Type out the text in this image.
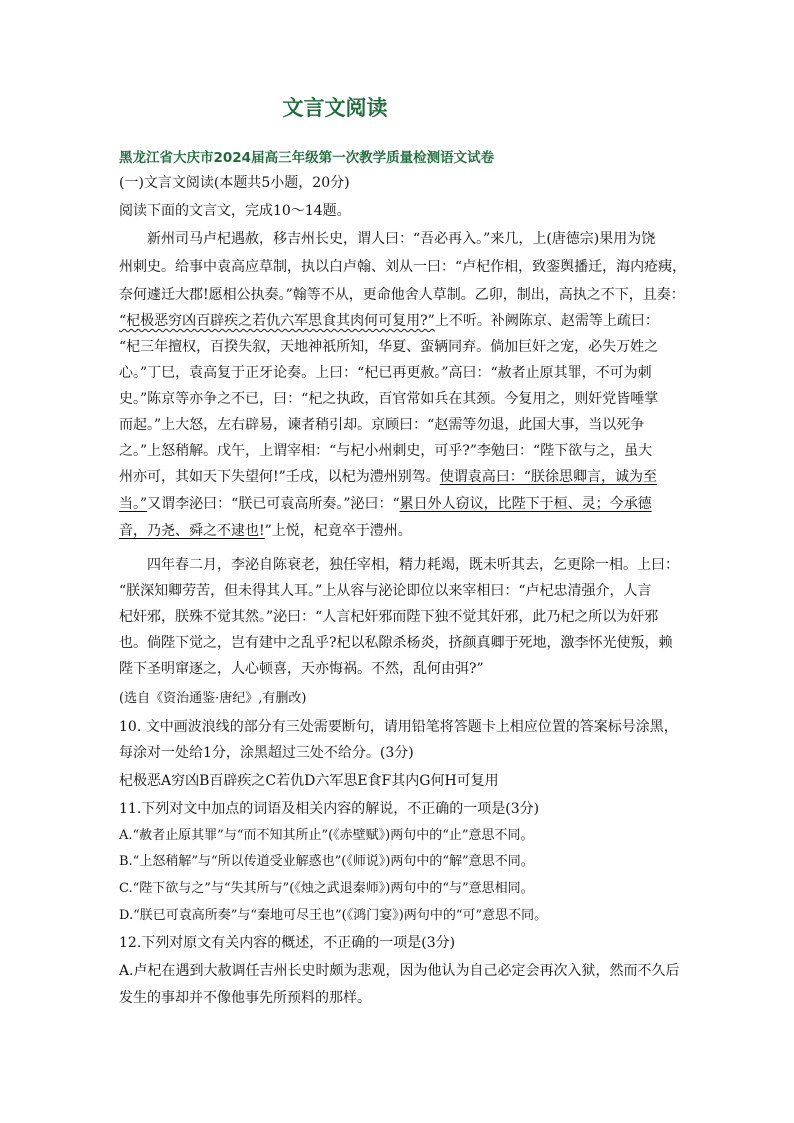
文言文阅读
黑龙江省大庆市2024届高三年级第一次教学质量检测语文试卷
(一)文言文阅读(本题共5小题，20分)
阅读下面的文言文，完成10～14题。
新州司马卢杞遇赦，移吉州长史，谓人曰：“吾必再入。”来几，上(唐德宗)果用为饶
州刺史。给事中袁高应草制，执以白卢翰、刘从一曰：“卢杞作相，致銮舆播迁，海内疮痍，
奈何遽迁大郡!愿相公执奏。”翰等不从，更命他舍人草制。乙卯，制出，高执之不下，且奏：
“杞极恶穷凶百辟疾之若仇六军思食其肉何可复用?”上不听。补阙陈京、赵需等上疏曰：
“杞三年擅权，百揆失叙，天地神祇所知，华夏、蛮辆同弃。倘加巨奸之宠，必失万姓之
心。”丁巳，袁高复于正牙论奏。上曰：“杞已再更赦。”高曰：“赦者止原其罪，不可为刺
史。”陈京等亦争之不已，曰：“杞之执政，百官常如兵在其颈。今复用之，则奸党皆唾掌
而起。”上大怒，左右辟易，谏者稍引却。京顾曰：“赵需等勿退，此国大事，当以死争
之。”上怒稍解。戊午，上谓宰相：“与杞小州刺史，可乎?”李勉曰：“陛下欲与之，虽大
州亦可，其如天下失望何!”壬戌，以杞为澧州别驾。使谓袁高曰：“朕徐思卿言，诚为至
当。”又谓李泌曰：“朕已可袁高所奏。”泌曰：“累日外人窃议，比陛下于桓、灵；今承德
音，乃尧、舜之不逮也!”上悦，杞竟卒于澧州。
四年春二月，李泌自陈衰老，独任宰相，精力耗竭，既未听其去，乞更除一相。上曰：
“朕深知卿劳苦，但未得其人耳。”上从容与泌论即位以来宰相曰：“卢杞忠清强介，人言
杞奸邪，朕殊不觉其然。”泌曰：“人言杞奸邪而陛下独不觉其奸邪，此乃杞之所以为奸邪
也。倘陛下觉之，岂有建中之乱乎?杞以私隙杀杨炎，挤颜真卿于死地，激李怀光使叛，赖
陛下圣明窜逐之，人心顿喜，天亦悔祸。不然，乱何由弭?”
(选自《资治通鉴·唐纪》,有删改)
10. 文中画波浪线的部分有三处需要断句，请用铅笔将答题卡上相应位置的答案标号涂黑，
每涂对一处给1分，涂黑超过三处不给分。(3分)
杞极恶A穷凶B百辟疾之C若仇D六军思E食F其内G何H可复用
11.下列对文中加点的词语及相关内容的解说，不正确的一项是(3分)
A.“赦者止原其罪”与“而不知其所止”(《赤壁赋》)两句中的“止”意思不同。
B.“上怒稍解”与“所以传道受业解惑也”(《师说》)两句中的“解”意思不同。
C.“陛下欲与之”与“失其所与”(《烛之武退秦师》)两句中的“与”意思相同。
D.“朕已可袁高所奏”与“秦地可尽王也”(《鸿门宴》)两句中的“可”意思不同。
12.下列对原文有关内容的概述，不正确的一项是(3分)
A.卢杞在遇到大赦调任吉州长史时颇为悲观，因为他认为自己必定会再次入狱，然而不久后
发生的事却并不像他事先所预料的那样。
